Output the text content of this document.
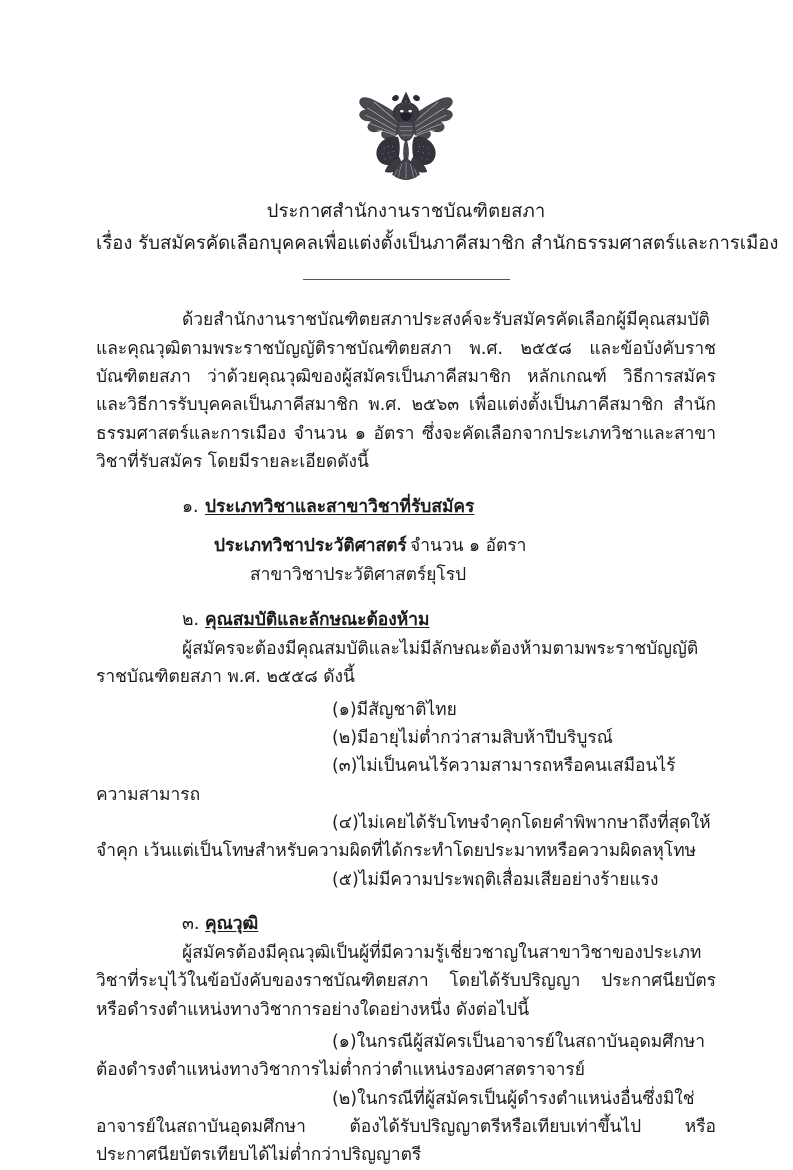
ประกาศสำนักงานราชบัณฑิตยสภา
เรื่อง รับสมัครคัดเลือกบุคคลเพื่อแต่งตั้งเป็นภาคีสมาชิก สำนักธรรมศาสตร์และการเมือง

ด้วยสำนักงานราชบัณฑิตยสภาประสงค์จะรับสมัครคัดเลือกผู้มีคุณสมบัติและคุณวุฒิตามพระราชบัญญัติราชบัณฑิตยสภา พ.ศ. ๒๕๕๘ และข้อบังคับราชบัณฑิตยสภา ว่าด้วยคุณวุฒิของผู้สมัครเป็นภาคีสมาชิก หลักเกณฑ์ วิธีการสมัคร และวิธีการรับบุคคลเป็นภาคีสมาชิก พ.ศ. ๒๕๖๓ เพื่อแต่งตั้งเป็นภาคีสมาชิก สำนักธรรมศาสตร์และการเมือง จำนวน ๑ อัตรา ซึ่งจะคัดเลือกจากประเภทวิชาและสาขาวิชาที่รับสมัคร โดยมีรายละเอียดดังนี้

๑. ประเภทวิชาและสาขาวิชาที่รับสมัคร
ประเภทวิชาประวัติศาสตร์ จำนวน ๑ อัตรา
สาขาวิชาประวัติศาสตร์ยุโรป
๒. คุณสมบัติและลักษณะต้องห้าม

ผู้สมัครจะต้องมีคุณสมบัติและไม่มีลักษณะต้องห้ามตามพระราชบัญญัติราชบัณฑิตยสภา พ.ศ. ๒๕๕๘ ดังนี้

(๑)มีสัญชาติไทย
(๒)มีอายุไม่ต่ำกว่าสามสิบห้าปีบริบูรณ์
(๓)ไม่เป็นคนไร้ความสามารถหรือคนเสมือนไร้ความสามารถ
(๔)ไม่เคยได้รับโทษจำคุกโดยคำพิพากษาถึงที่สุดให้จำคุก เว้นแต่เป็นโทษสำหรับความผิดที่ได้กระทำโดยประมาทหรือความผิดลหุโทษ
(๕)ไม่มีความประพฤติเสื่อมเสียอย่างร้ายแรง
๓. คุณวุฒิ

ผู้สมัครต้องมีคุณวุฒิเป็นผู้ที่มีความรู้เชี่ยวชาญในสาขาวิชาของประเภทวิชาที่ระบุไว้ในข้อบังคับของราชบัณฑิตยสภา โดยได้รับปริญญา ประกาศนียบัตร หรือดำรงตำแหน่งทางวิชาการอย่างใดอย่างหนึ่ง ดังต่อไปนี้

(๑)ในกรณีผู้สมัครเป็นอาจารย์ในสถาบันอุดมศึกษา ต้องดำรงตำแหน่งทางวิชาการไม่ต่ำกว่าตำแหน่งรองศาสตราจารย์
(๒)ในกรณีที่ผู้สมัครเป็นผู้ดำรงตำแหน่งอื่นซึ่งมิใช่อาจารย์ในสถาบันอุดมศึกษา ต้องได้รับปริญญาตรีหรือเทียบเท่าขึ้นไป หรือประกาศนียบัตรเทียบได้ไม่ต่ำกว่าปริญญาตรี
